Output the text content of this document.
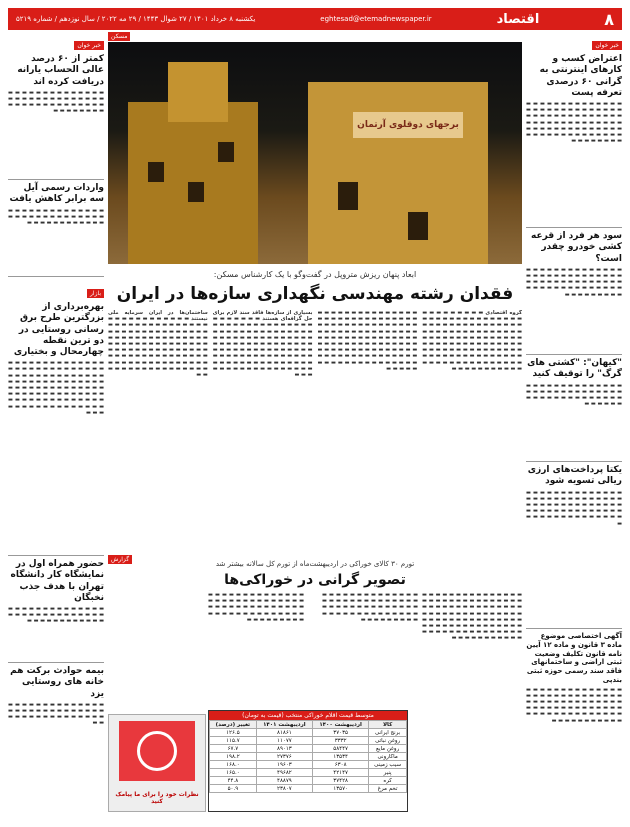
۸
اقتصاد
eghtesad@etemadnewspaper.ir
یکشنبه ۸ خرداد ۱۴۰۱ / ۲۷ شوال ۱۴۴۳ / ۲۹ مه ۲۰۲۲ / سال نوزدهم / شماره ۵۲۱۹
خبر خوان
اعتراض کسب و کارهای اینترنتی به گرانی ۶۰ درصدی تعرفه پست
▬ ▬ ▬ ▬ ▬ ▬ ▬ ▬ ▬ ▬ ▬ ▬ ▬ ▬ ▬ ▬ ▬ ▬ ▬ ▬ ▬ ▬ ▬ ▬ ▬ ▬ ▬ ▬ ▬ ▬ ▬ ▬ ▬ ▬ ▬ ▬ ▬ ▬ ▬ ▬ ▬ ▬ ▬ ▬ ▬ ▬ ▬ ▬ ▬ ▬ ▬ ▬ ▬ ▬ ▬ ▬ ▬ ▬ ▬ ▬ ▬ ▬ ▬ ▬ ▬ ▬ ▬ ▬ ▬ ▬ ▬ ▬ ▬ ▬ ▬ ▬ ▬ ▬ ▬ ▬ ▬ ▬ ▬ ▬ ▬ ▬ ▬ ▬ ▬ ▬ ▬ ▬
سود هر فرد از قرعه کشی خودرو چقدر است؟
▬ ▬ ▬ ▬ ▬ ▬ ▬ ▬ ▬ ▬ ▬ ▬ ▬ ▬ ▬ ▬ ▬ ▬ ▬ ▬ ▬ ▬ ▬ ▬ ▬ ▬ ▬ ▬ ▬ ▬ ▬ ▬ ▬ ▬ ▬ ▬ ▬ ▬ ▬ ▬ ▬ ▬ ▬ ▬ ▬ ▬ ▬ ▬ ▬ ▬ ▬ ▬ ▬ ▬ ▬ ▬ ▬ ▬ ▬ ▬ ▬ ▬ ▬ ▬ ▬
"کیهان": "کشتی های گرگ" را توقیف کنید
▬ ▬ ▬ ▬ ▬ ▬ ▬ ▬ ▬ ▬ ▬ ▬ ▬ ▬ ▬ ▬ ▬ ▬ ▬ ▬ ▬ ▬ ▬ ▬ ▬ ▬ ▬ ▬ ▬ ▬ ▬ ▬ ▬ ▬ ▬ ▬ ▬ ▬ ▬ ▬ ▬ ▬ ▬ ▬ ▬ ▬ ▬ ▬
یکتا پرداخت‌های ارزی ریالی تسویه شود
▬ ▬ ▬ ▬ ▬ ▬ ▬ ▬ ▬ ▬ ▬ ▬ ▬ ▬ ▬ ▬ ▬ ▬ ▬ ▬ ▬ ▬ ▬ ▬ ▬ ▬ ▬ ▬ ▬ ▬ ▬ ▬ ▬ ▬ ▬ ▬ ▬ ▬ ▬ ▬ ▬ ▬ ▬ ▬ ▬ ▬ ▬ ▬ ▬ ▬ ▬ ▬ ▬ ▬ ▬ ▬ ▬ ▬ ▬ ▬ ▬ ▬ ▬ ▬ ▬ ▬ ▬ ▬ ▬ ▬ ▬
آگهی اختصاصی موضوع ماده ۳ قانون و ماده ۱۲ آیین نامه قانون تکلیف وضعیت ثبتی اراضی و ساختمانهای فاقد سند رسمی حوزه ثبتی بندپی
▬ ▬ ▬ ▬ ▬ ▬ ▬ ▬ ▬ ▬ ▬ ▬ ▬ ▬ ▬ ▬ ▬ ▬ ▬ ▬ ▬ ▬ ▬ ▬ ▬ ▬ ▬ ▬ ▬ ▬ ▬ ▬ ▬ ▬ ▬ ▬ ▬ ▬ ▬ ▬ ▬ ▬ ▬ ▬ ▬ ▬ ▬ ▬ ▬ ▬ ▬ ▬ ▬ ▬ ▬ ▬ ▬ ▬ ▬ ▬ ▬ ▬ ▬ ▬ ▬ ▬ ▬ ▬ ▬ ▬ ▬ ▬ ▬ ▬ ▬ ▬ ▬ ▬ ▬ ▬ ▬
خبر خوان
کمتر از ۶۰ درصد عالی الحساب یارانه دریافت کرده اند
▬ ▬ ▬ ▬ ▬ ▬ ▬ ▬ ▬ ▬ ▬ ▬ ▬ ▬ ▬ ▬ ▬ ▬ ▬ ▬ ▬ ▬ ▬ ▬ ▬ ▬ ▬ ▬ ▬ ▬ ▬ ▬ ▬ ▬ ▬ ▬ ▬ ▬ ▬ ▬ ▬ ▬ ▬ ▬ ▬ ▬ ▬ ▬ ▬ ▬
واردات رسمی آیل سه برابر کاهش یافت
▬ ▬ ▬ ▬ ▬ ▬ ▬ ▬ ▬ ▬ ▬ ▬ ▬ ▬ ▬ ▬ ▬ ▬ ▬ ▬ ▬ ▬ ▬ ▬ ▬ ▬ ▬ ▬ ▬ ▬ ▬ ▬ ▬ ▬ ▬ ▬ ▬ ▬ ▬ ▬
بازار
بهره‌برداری از بزرگترین طرح برق رسانی روستایی در دو ترین نقطه چهارمحال و بختیاری
▬ ▬ ▬ ▬ ▬ ▬ ▬ ▬ ▬ ▬ ▬ ▬ ▬ ▬ ▬ ▬ ▬ ▬ ▬ ▬ ▬ ▬ ▬ ▬ ▬ ▬ ▬ ▬ ▬ ▬ ▬ ▬ ▬ ▬ ▬ ▬ ▬ ▬ ▬ ▬ ▬ ▬ ▬ ▬ ▬ ▬ ▬ ▬ ▬ ▬ ▬ ▬ ▬ ▬ ▬ ▬ ▬ ▬ ▬ ▬ ▬ ▬ ▬ ▬ ▬ ▬ ▬ ▬ ▬ ▬ ▬ ▬ ▬ ▬ ▬ ▬ ▬ ▬ ▬ ▬ ▬ ▬ ▬ ▬ ▬ ▬ ▬ ▬ ▬ ▬ ▬ ▬ ▬ ▬ ▬ ▬ ▬ ▬ ▬ ▬ ▬ ▬ ▬ ▬ ▬ ▬ ▬ ▬ ▬ ▬ ▬ ▬ ▬ ▬ ▬
حضور همراه اول در نمایشگاه کار دانشگاه تهران با هدف جذب نخبگان
▬ ▬ ▬ ▬ ▬ ▬ ▬ ▬ ▬ ▬ ▬ ▬ ▬ ▬ ▬ ▬ ▬ ▬ ▬ ▬ ▬ ▬ ▬ ▬ ▬ ▬ ▬ ▬ ▬ ▬ ▬ ▬ ▬ ▬ ▬ ▬ ▬ ▬ ▬ ▬
بیمه حوادث برکت هم خانه های روستایی یزد
▬ ▬ ▬ ▬ ▬ ▬ ▬ ▬ ▬ ▬ ▬ ▬ ▬ ▬ ▬ ▬ ▬ ▬ ▬ ▬ ▬ ▬ ▬ ▬ ▬ ▬ ▬ ▬ ▬ ▬ ▬ ▬ ▬ ▬ ▬ ▬ ▬ ▬ ▬ ▬ ▬ ▬ ▬ ▬
مسکن
برجهای دوقلوی آرتمان
ابعاد پنهان ریزش متروپل در گفت‌وگو با یک کارشناس مسکن:
فقدان رشته مهندسی نگهداری سازه‌ها در ایران
گروه اقتصادی ▬ ▬ ▬ ▬ ▬ ▬ ▬ ▬ ▬ ▬ ▬ ▬ ▬ ▬ ▬ ▬ ▬ ▬ ▬ ▬ ▬ ▬ ▬ ▬ ▬ ▬ ▬ ▬ ▬ ▬ ▬ ▬ ▬ ▬ ▬ ▬ ▬ ▬ ▬ ▬ ▬ ▬ ▬ ▬ ▬ ▬ ▬ ▬ ▬ ▬ ▬ ▬ ▬ ▬ ▬ ▬ ▬ ▬ ▬ ▬ ▬ ▬ ▬ ▬ ▬ ▬ ▬ ▬ ▬ ▬ ▬ ▬ ▬ ▬ ▬ ▬ ▬ ▬ ▬ ▬ ▬ ▬ ▬ ▬ ▬ ▬ ▬ ▬ ▬ ▬ ▬ ▬ ▬ ▬ ▬ ▬ ▬ ▬ ▬ ▬ ▬ ▬ ▬ ▬ ▬ ▬ ▬ ▬ ▬ ▬ ▬ ▬ ▬ ▬ ▬ ▬ ▬ ▬ ▬ ▬ ▬ ▬ ▬ ▬ ▬ ▬ ▬ ▬ ▬ ▬ ▬ ▬ ▬ ▬ ▬ ▬ ▬ ▬ ▬ ▬
▬ ▬ ▬ ▬ ▬ ▬ ▬ ▬ ▬ ▬ ▬ ▬ ▬ ▬ ▬ ▬ ▬ ▬ ▬ ▬ ▬ ▬ ▬ ▬ ▬ ▬ ▬ ▬ ▬ ▬ ▬ ▬ ▬ ▬ ▬ ▬ ▬ ▬ ▬ ▬ ▬ ▬ ▬ ▬ ▬ ▬ ▬ ▬ ▬ ▬ ▬ ▬ ▬ ▬ ▬ ▬ ▬ ▬ ▬ ▬ ▬ ▬ ▬ ▬ ▬ ▬ ▬ ▬ ▬ ▬ ▬ ▬ ▬ ▬ ▬ ▬ ▬ ▬ ▬ ▬ ▬ ▬ ▬ ▬ ▬ ▬ ▬ ▬ ▬ ▬ ▬ ▬ ▬ ▬ ▬ ▬ ▬ ▬ ▬ ▬ ▬ ▬ ▬ ▬ ▬ ▬ ▬ ▬ ▬ ▬ ▬ ▬ ▬ ▬ ▬ ▬ ▬ ▬ ▬ ▬ ▬ ▬ ▬ ▬ ▬ ▬ ▬ ▬ ▬ ▬ ▬ ▬ ▬ ▬ ▬ ▬ ▬ ▬ ▬ ▬
بسیاری از سازه‌ها فاقد سند لازم برای حل گزافه‌ای هستند ▬ ▬ ▬ ▬ ▬ ▬ ▬ ▬ ▬ ▬ ▬ ▬ ▬ ▬ ▬ ▬ ▬ ▬ ▬ ▬ ▬ ▬ ▬ ▬ ▬ ▬ ▬ ▬ ▬ ▬ ▬ ▬ ▬ ▬ ▬ ▬ ▬ ▬ ▬ ▬ ▬ ▬ ▬ ▬ ▬ ▬ ▬ ▬ ▬ ▬ ▬ ▬ ▬ ▬ ▬ ▬ ▬ ▬ ▬ ▬ ▬ ▬ ▬ ▬ ▬ ▬ ▬ ▬ ▬ ▬ ▬ ▬ ▬ ▬ ▬ ▬ ▬ ▬ ▬ ▬ ▬ ▬ ▬ ▬ ▬ ▬ ▬ ▬ ▬ ▬ ▬ ▬ ▬ ▬ ▬ ▬ ▬ ▬ ▬ ▬ ▬ ▬ ▬ ▬ ▬ ▬ ▬ ▬ ▬ ▬ ▬ ▬ ▬ ▬ ▬ ▬ ▬ ▬ ▬ ▬ ▬ ▬ ▬ ▬ ▬ ▬ ▬ ▬ ▬ ▬
ساختمان‌ها در ایران سرمایه ملی نیستند ▬ ▬ ▬ ▬ ▬ ▬ ▬ ▬ ▬ ▬ ▬ ▬ ▬ ▬ ▬ ▬ ▬ ▬ ▬ ▬ ▬ ▬ ▬ ▬ ▬ ▬ ▬ ▬ ▬ ▬ ▬ ▬ ▬ ▬ ▬ ▬ ▬ ▬ ▬ ▬ ▬ ▬ ▬ ▬ ▬ ▬ ▬ ▬ ▬ ▬ ▬ ▬ ▬ ▬ ▬ ▬ ▬ ▬ ▬ ▬ ▬ ▬ ▬ ▬ ▬ ▬ ▬ ▬ ▬ ▬ ▬ ▬ ▬ ▬ ▬ ▬ ▬ ▬ ▬ ▬ ▬ ▬ ▬ ▬ ▬ ▬ ▬ ▬ ▬ ▬ ▬ ▬ ▬ ▬ ▬ ▬ ▬ ▬ ▬ ▬ ▬ ▬ ▬ ▬ ▬ ▬ ▬ ▬ ▬ ▬ ▬ ▬ ▬ ▬ ▬ ▬ ▬ ▬ ▬ ▬ ▬ ▬ ▬ ▬ ▬ ▬ ▬ ▬ ▬ ▬ ▬ ▬ ▬ ▬
گزارش
تورم ۳۰ کالای خوراکی در اردیبهشت‌ماه از تورم کل سالانه بیشتر شد
تصویر گرانی در خوراکی‌ها
▬ ▬ ▬ ▬ ▬ ▬ ▬ ▬ ▬ ▬ ▬ ▬ ▬ ▬ ▬ ▬ ▬ ▬ ▬ ▬ ▬ ▬ ▬ ▬ ▬ ▬ ▬ ▬ ▬ ▬ ▬ ▬ ▬ ▬ ▬ ▬ ▬ ▬ ▬ ▬ ▬ ▬ ▬ ▬ ▬ ▬ ▬ ▬ ▬ ▬ ▬ ▬ ▬ ▬ ▬ ▬ ▬ ▬ ▬ ▬ ▬ ▬ ▬ ▬ ▬ ▬ ▬ ▬ ▬ ▬ ▬ ▬ ▬ ▬ ▬ ▬ ▬ ▬ ▬ ▬ ▬ ▬ ▬ ▬ ▬ ▬ ▬ ▬ ▬ ▬ ▬ ▬ ▬ ▬ ▬ ▬ ▬ ▬ ▬ ▬ ▬ ▬ ▬ ▬ ▬ ▬ ▬ ▬ ▬ ▬ ▬ ▬ ▬ ▬ ▬ ▬
▬ ▬ ▬ ▬ ▬ ▬ ▬ ▬ ▬ ▬ ▬ ▬ ▬ ▬ ▬ ▬ ▬ ▬ ▬ ▬ ▬ ▬ ▬ ▬ ▬ ▬ ▬ ▬ ▬ ▬ ▬ ▬ ▬ ▬ ▬ ▬ ▬ ▬ ▬ ▬ ▬ ▬ ▬ ▬ ▬ ▬ ▬ ▬ ▬ ▬ ▬ ▬ ▬ ▬ ▬ ▬ ▬ ▬ ▬ ▬ ▬ ▬ ▬ ▬ ▬
▬ ▬ ▬ ▬ ▬ ▬ ▬ ▬ ▬ ▬ ▬ ▬ ▬ ▬ ▬ ▬ ▬ ▬ ▬ ▬ ▬ ▬ ▬ ▬ ▬ ▬ ▬ ▬ ▬ ▬ ▬ ▬ ▬ ▬ ▬ ▬ ▬ ▬ ▬ ▬ ▬ ▬ ▬ ▬ ▬ ▬ ▬ ▬ ▬ ▬ ▬ ▬ ▬ ▬ ▬ ▬ ▬ ▬ ▬ ▬ ▬ ▬ ▬ ▬ ▬
متوسط قیمت اقلام خوراکی منتخب (قیمت به تومان)
کالا	اردیبهشت ۱۴۰۰	اردیبهشت ۱۴۰۱	تغییر (درصد)
برنج ایرانی	۳۷۰۳۵	۸۱۸۶۱	۱۲۶.۵
روغن نباتی	۳۳۳۲	۱۱۰۷۷	۱۱۵.۷
روغن مایع	۵۸۴۴۷	۸۹۰۱۳	۶۷.۷
ماکارونی	۱۳۵۳۴	۲۷۳۷۶	۱۹۸.۲
سیب زمینی	۶۳۰۸	۱۹۶۰۳	۱۶۸.۰
پنیر	۴۲۱۴۷	۴۹۶۸۲	۱۶۵.۰
کره	۳۷۴۲۸	۴۸۸۷۹	۴۴.۸
تخم مرغ	۱۳۵۷۰	۲۳۸۰۷	۵۰.۹
نظرات خود را برای ما پیامک کنید
